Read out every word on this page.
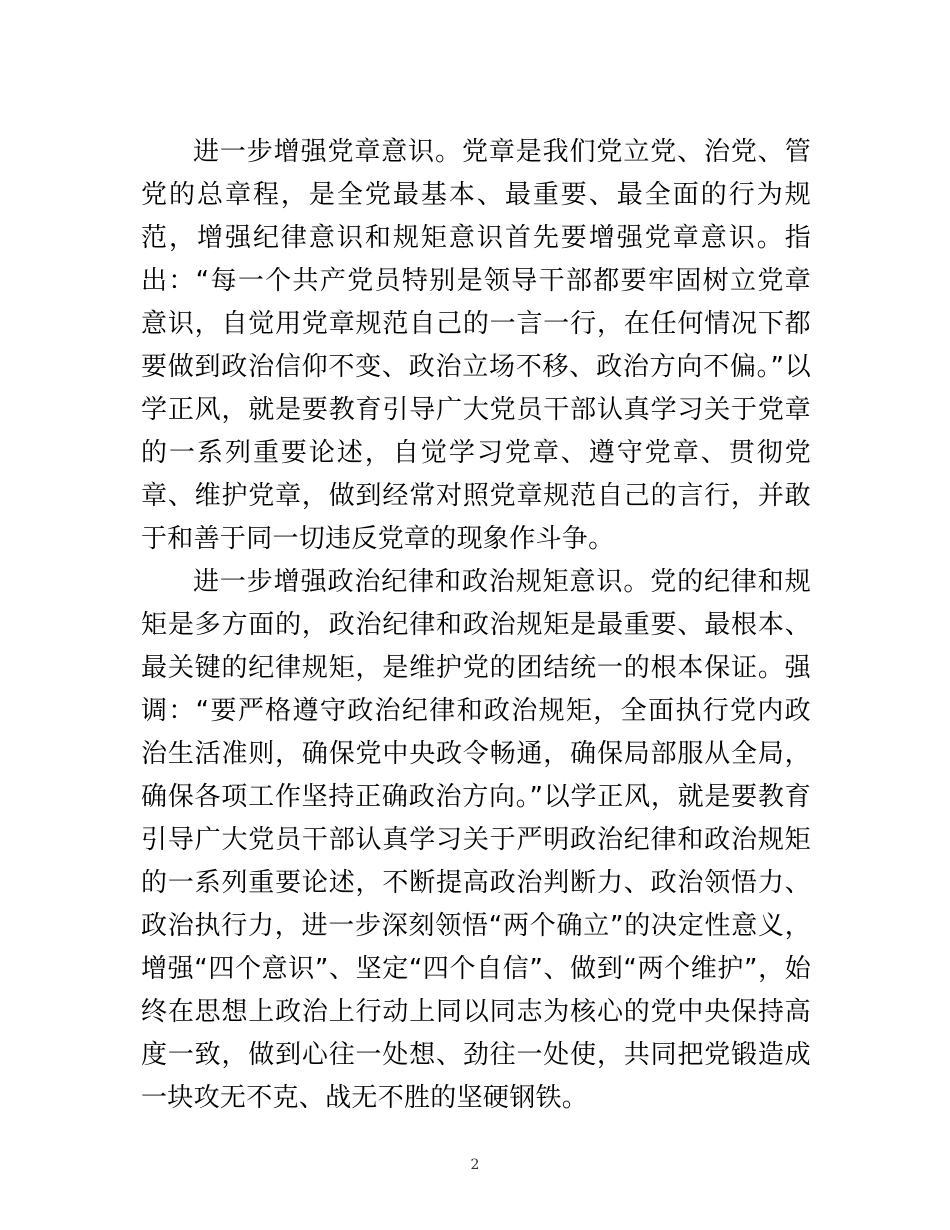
进一步增强党章意识。党章是我们党立党、治党、管党的总章程，是全党最基本、最重要、最全面的行为规范，增强纪律意识和规矩意识首先要增强党章意识。指出：“每一个共产党员特别是领导干部都要牢固树立党章意识，自觉用党章规范自己的一言一行，在任何情况下都要做到政治信仰不变、政治立场不移、政治方向不偏。”以学正风，就是要教育引导广大党员干部认真学习关于党章的一系列重要论述，自觉学习党章、遵守党章、贯彻党章、维护党章，做到经常对照党章规范自己的言行，并敢于和善于同一切违反党章的现象作斗争。

进一步增强政治纪律和政治规矩意识。党的纪律和规矩是多方面的，政治纪律和政治规矩是最重要、最根本、最关键的纪律规矩，是维护党的团结统一的根本保证。强调：“要严格遵守政治纪律和政治规矩，全面执行党内政治生活准则，确保党中央政令畅通，确保局部服从全局，确保各项工作坚持正确政治方向。”以学正风，就是要教育引导广大党员干部认真学习关于严明政治纪律和政治规矩的一系列重要论述，不断提高政治判断力、政治领悟力、政治执行力，进一步深刻领悟“两个确立”的决定性意义，增强“四个意识”、坚定“四个自信”、做到“两个维护”，始终在思想上政治上行动上同以同志为核心的党中央保持高度一致，做到心往一处想、劲往一处使，共同把党锻造成一块攻无不克、战无不胜的坚硬钢铁。

2
